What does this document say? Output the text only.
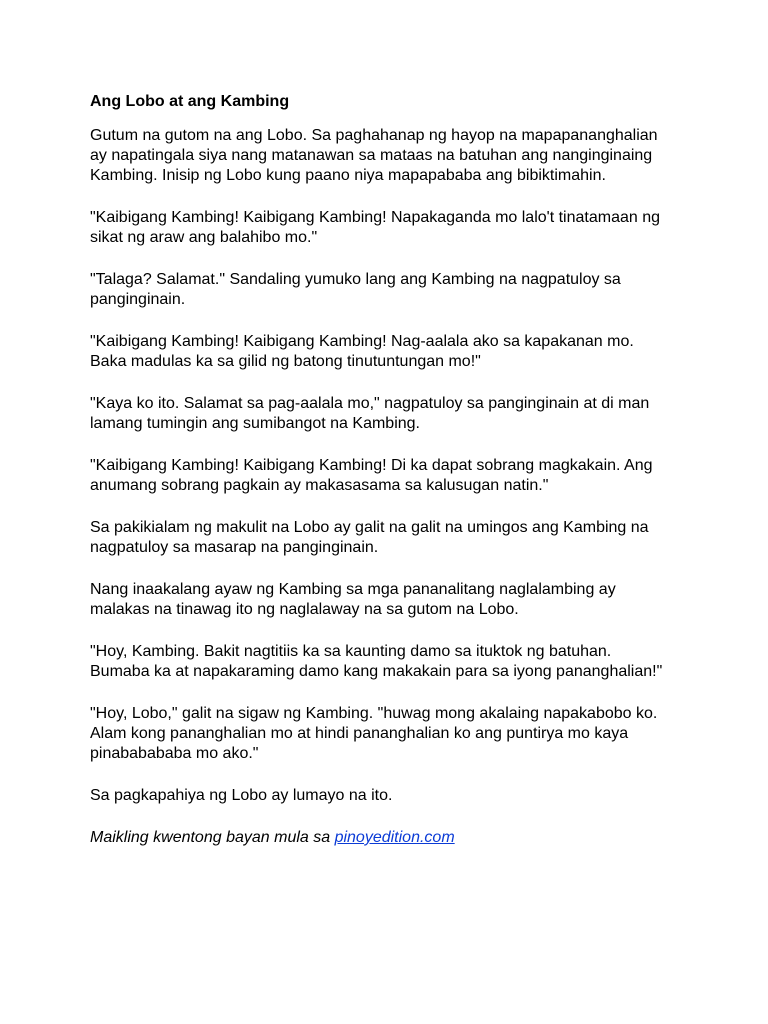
Ang Lobo at ang Kambing

Gutum na gutom na ang Lobo. Sa paghahanap ng hayop na mapapananghalian
ay napatingala siya nang matanawan sa mataas na batuhan ang nanginginaing
Kambing. Inisip ng Lobo kung paano niya mapapababa ang bibiktimahin.

"Kaibigang Kambing! Kaibigang Kambing! Napakaganda mo lalo't tinatamaan ng
sikat ng araw ang balahibo mo."

"Talaga? Salamat." Sandaling yumuko lang ang Kambing na nagpatuloy sa
panginginain.

"Kaibigang Kambing! Kaibigang Kambing! Nag-aalala ako sa kapakanan mo.
Baka madulas ka sa gilid ng batong tinutuntungan mo!"

"Kaya ko ito. Salamat sa pag-aalala mo," nagpatuloy sa panginginain at di man
lamang tumingin ang sumibangot na Kambing.

"Kaibigang Kambing! Kaibigang Kambing! Di ka dapat sobrang magkakain. Ang
anumang sobrang pagkain ay makasasama sa kalusugan natin."

Sa pakikialam ng makulit na Lobo ay galit na galit na umingos ang Kambing na
nagpatuloy sa masarap na panginginain.

Nang inaakalang ayaw ng Kambing sa mga pananalitang naglalambing ay
malakas na tinawag ito ng naglalaway na sa gutom na Lobo.

"Hoy, Kambing. Bakit nagtitiis ka sa kaunting damo sa ituktok ng batuhan.
Bumaba ka at napakaraming damo kang makakain para sa iyong pananghalian!"

"Hoy, Lobo," galit na sigaw ng Kambing. "huwag mong akalaing napakabobo ko.
Alam kong pananghalian mo at hindi pananghalian ko ang puntirya mo kaya
pinababababa mo ako."

Sa pagkapahiya ng Lobo ay lumayo na ito.

Maikling kwentong bayan mula sa pinoyedition.com
